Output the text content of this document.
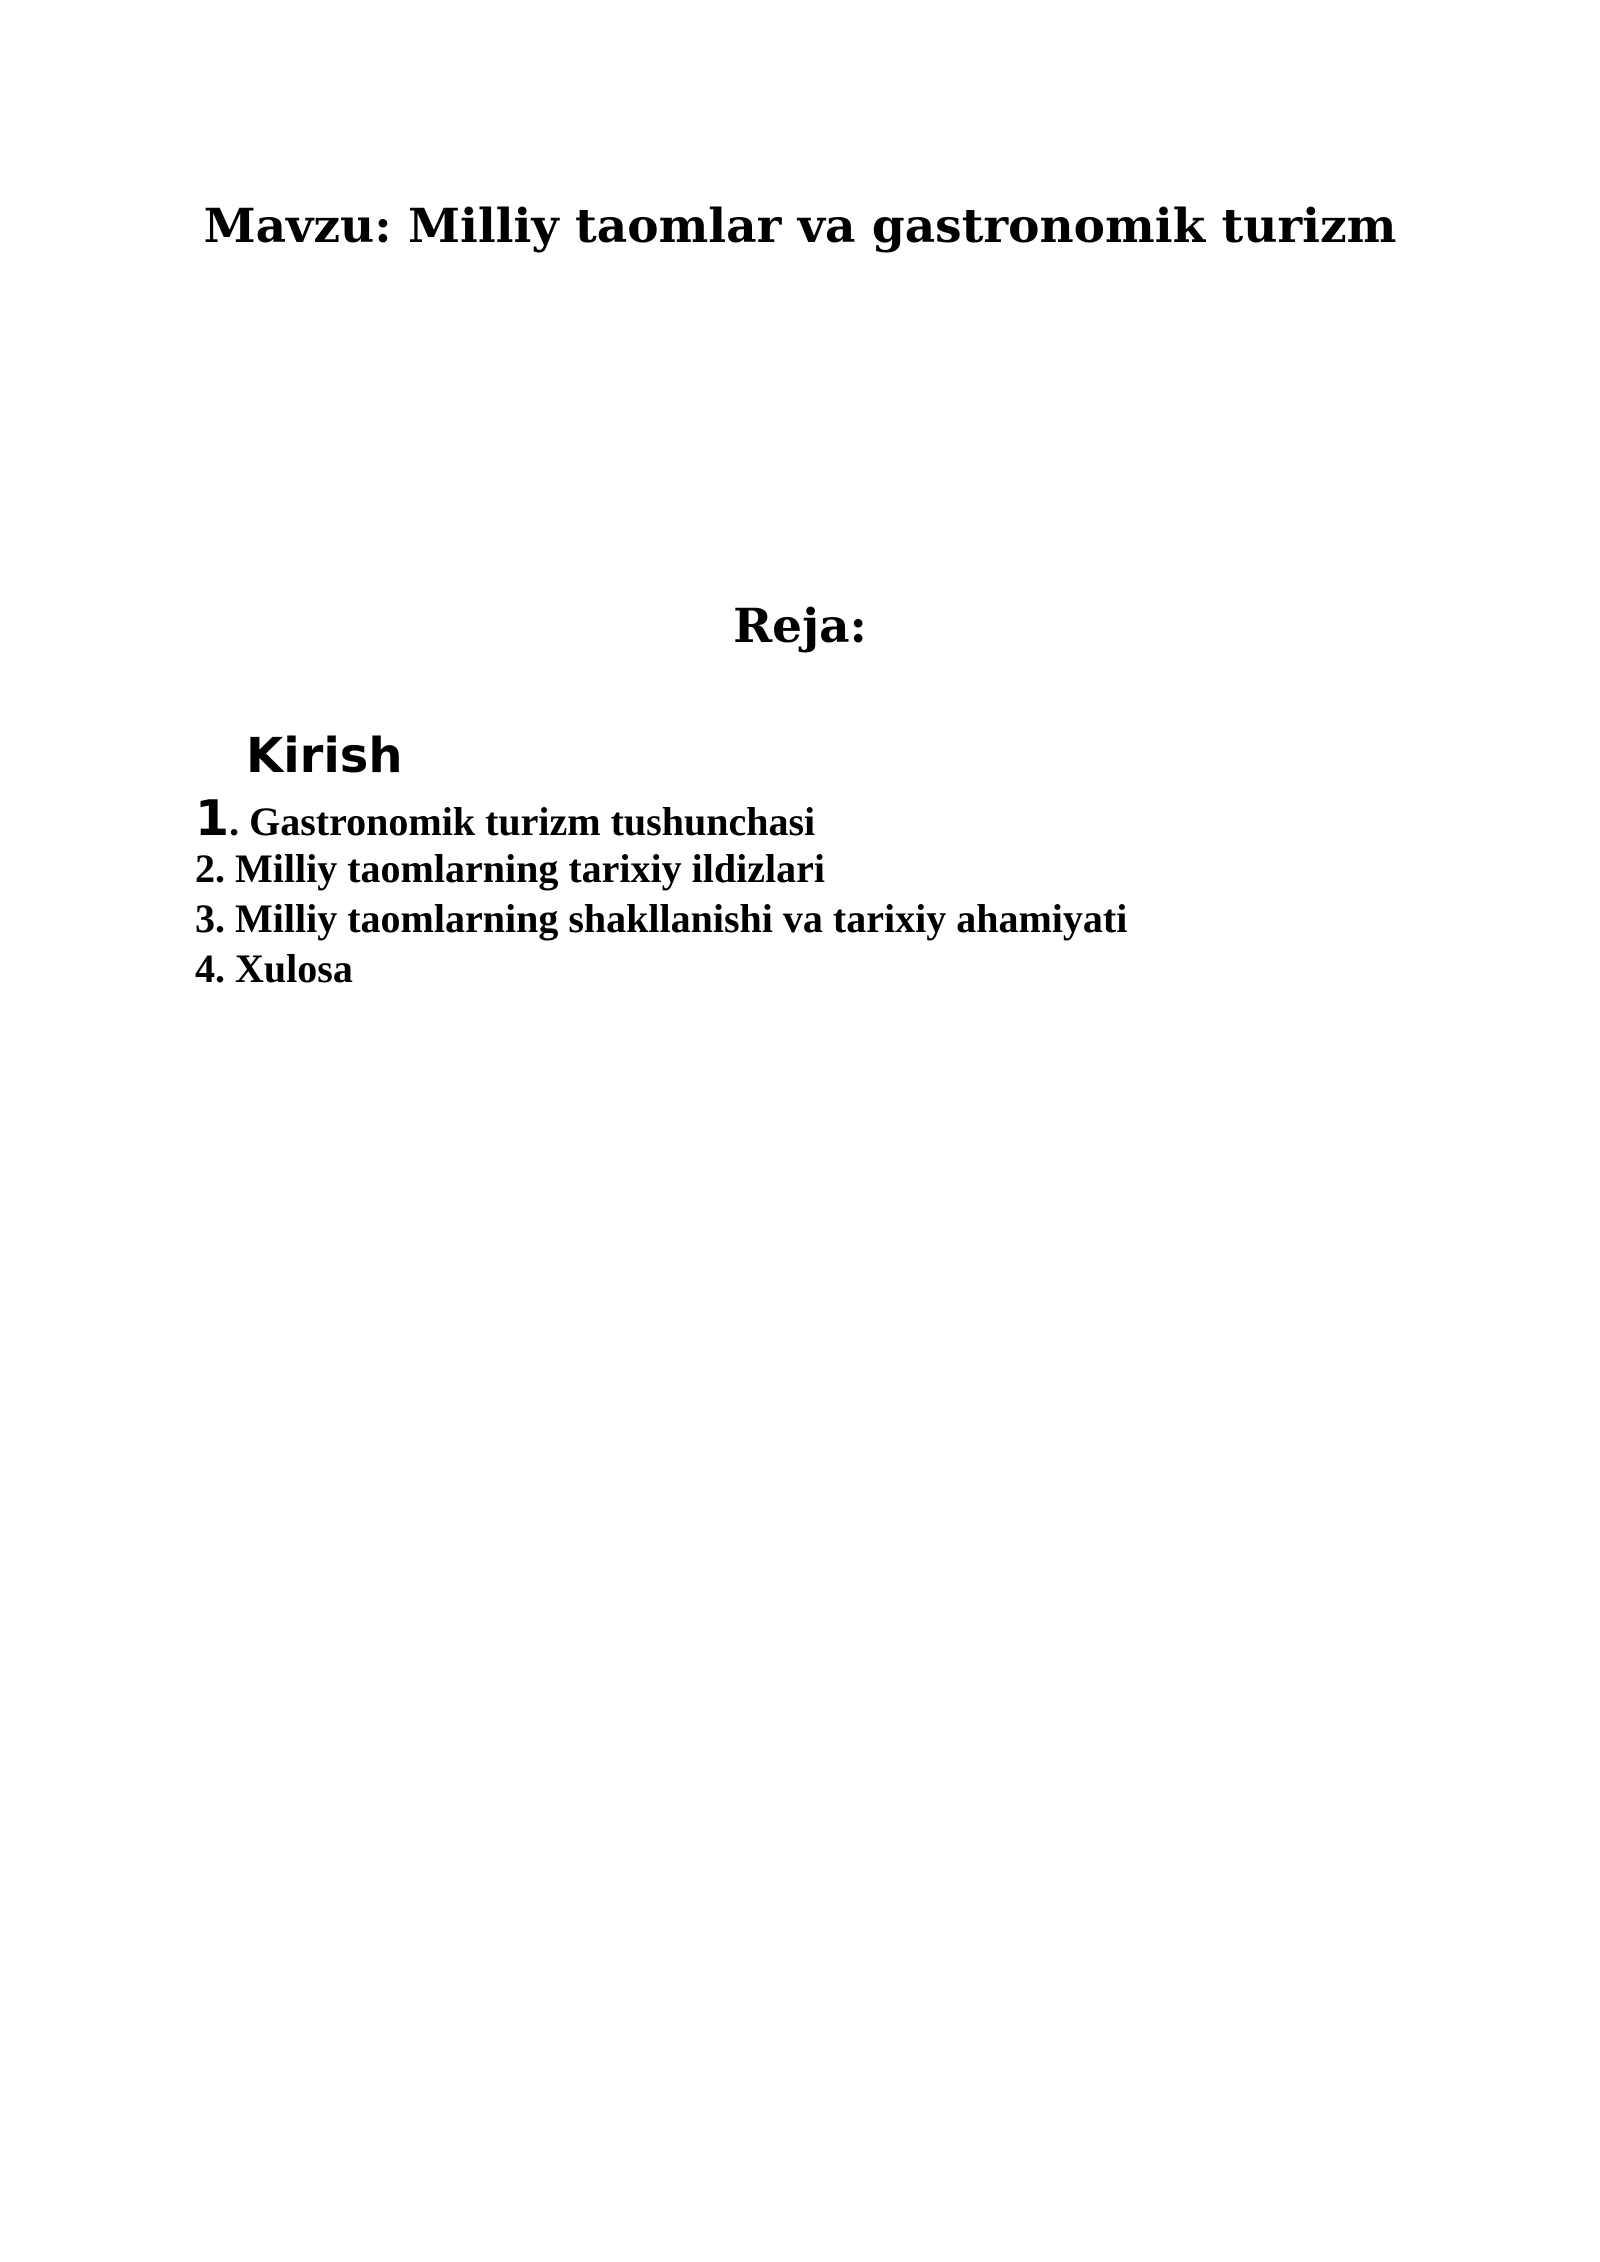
Mavzu: Milliy taomlar va gastronomik turizm
Reja:
Kirish
1. Gastronomik turizm tushunchasi
2. Milliy taomlarning tarixiy ildizlari
3. Milliy taomlarning shakllanishi va tarixiy ahamiyati
4. Xulosa
